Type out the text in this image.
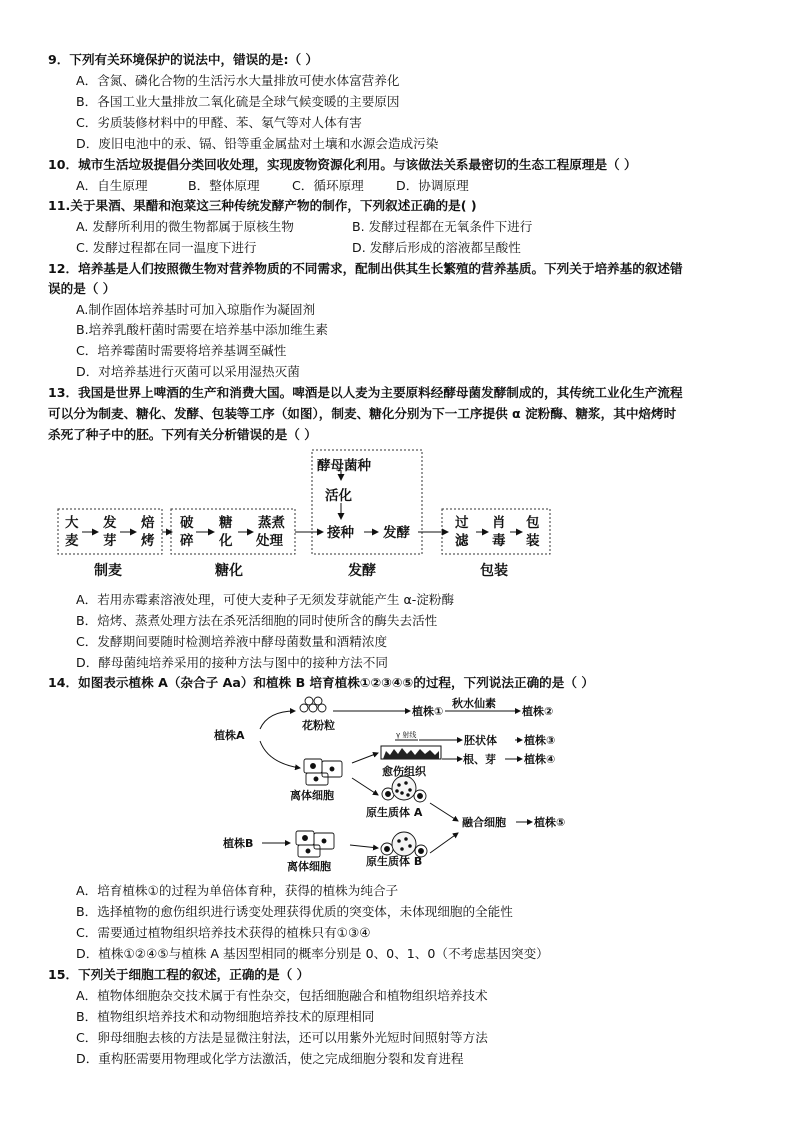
9．下列有关环境保护的说法中，错误的是:（ ）
A．含氮、磷化合物的生活污水大量排放可使水体富营养化
B．各国工业大量排放二氧化硫是全球气候变暖的主要原因
C．劣质装修材料中的甲醛、苯、氡气等对人体有害
D．废旧电池中的汞、镉、铅等重金属盐对土壤和水源会造成污染
10．城市生活垃圾提倡分类回收处理，实现废物资源化利用。与该做法关系最密切的生态工程原理是（ ）
A．自生原理	B．整体原理	C．循环原理	D．协调原理
11.关于果酒、果醋和泡菜这三种传统发酵产物的制作，下列叙述正确的是( )
A. 发酵所利用的微生物都属于原核生物	B. 发酵过程都在无氧条件下进行
C. 发酵过程都在同一温度下进行	D. 发酵后形成的溶液都呈酸性
12．培养基是人们按照微生物对营养物质的不同需求，配制出供其生长繁殖的营养基质。下列关于培养基的叙述错
误的是（ ）
A.制作固体培养基时可加入琼脂作为凝固剂
B.培养乳酸杆菌时需要在培养基中添加维生素
C．培养霉菌时需要将培养基调至碱性
D．对培养基进行灭菌可以采用湿热灭菌
13．我国是世界上啤酒的生产和消费大国。啤酒是以人麦为主要原料经酵母菌发酵制成的，其传统工业化生产流程
可以分为制麦、糖化、发酵、包装等工序（如图），制麦、糖化分别为下一工序提供 α 淀粉酶、糖浆，其中焙烤时
杀死了种子中的胚。下列有关分析错误的是（ ）
大
麦
发
芽
焙
烤
破
碎
糖
化
蒸煮
处理
酵母菌种
活化
接种 发酵
过
滤
肖
毒
包
装
制麦	糖化	发酵	包装
A．若用赤霉素溶液处理，可使大麦种子无须发芽就能产生 α-淀粉酶
B．焙烤、蒸煮处理方法在杀死活细胞的同时使所含的酶失去活性
C．发酵期间要随时检测培养液中酵母菌数量和酒精浓度
D．酵母菌纯培养采用的接种方法与图中的接种方法不同
14．如图表示植株 A（杂合子 Aa）和植株 B 培育植株①②③④⑤的过程，下列说法正确的是（ ）
植株A
花粉粒
植株①
秋水仙素
植株②
胚状体 植株③
愈伤组织
根、芽	植株④
离体细胞
原生质体 A
融合细胞	植株⑤
植株B
离体细胞	原生质体 B
γ 射线
A．培育植株①的过程为单倍体育种，获得的植株为纯合子
B．选择植物的愈伤组织进行诱变处理获得优质的突变体，未体现细胞的全能性
C．需要通过植物组织培养技术获得的植株只有①③④
D．植株①②④⑤与植株 A 基因型相同的概率分别是 0、0、1、0（不考虑基因突变）
15．下列关于细胞工程的叙述，正确的是（ ）
A．植物体细胞杂交技术属于有性杂交，包括细胞融合和植物组织培养技术
B．植物组织培养技术和动物细胞培养技术的原理相同
C．卵母细胞去核的方法是显微注射法，还可以用紫外光短时间照射等方法
D．重构胚需要用物理或化学方法激活，使之完成细胞分裂和发育进程
